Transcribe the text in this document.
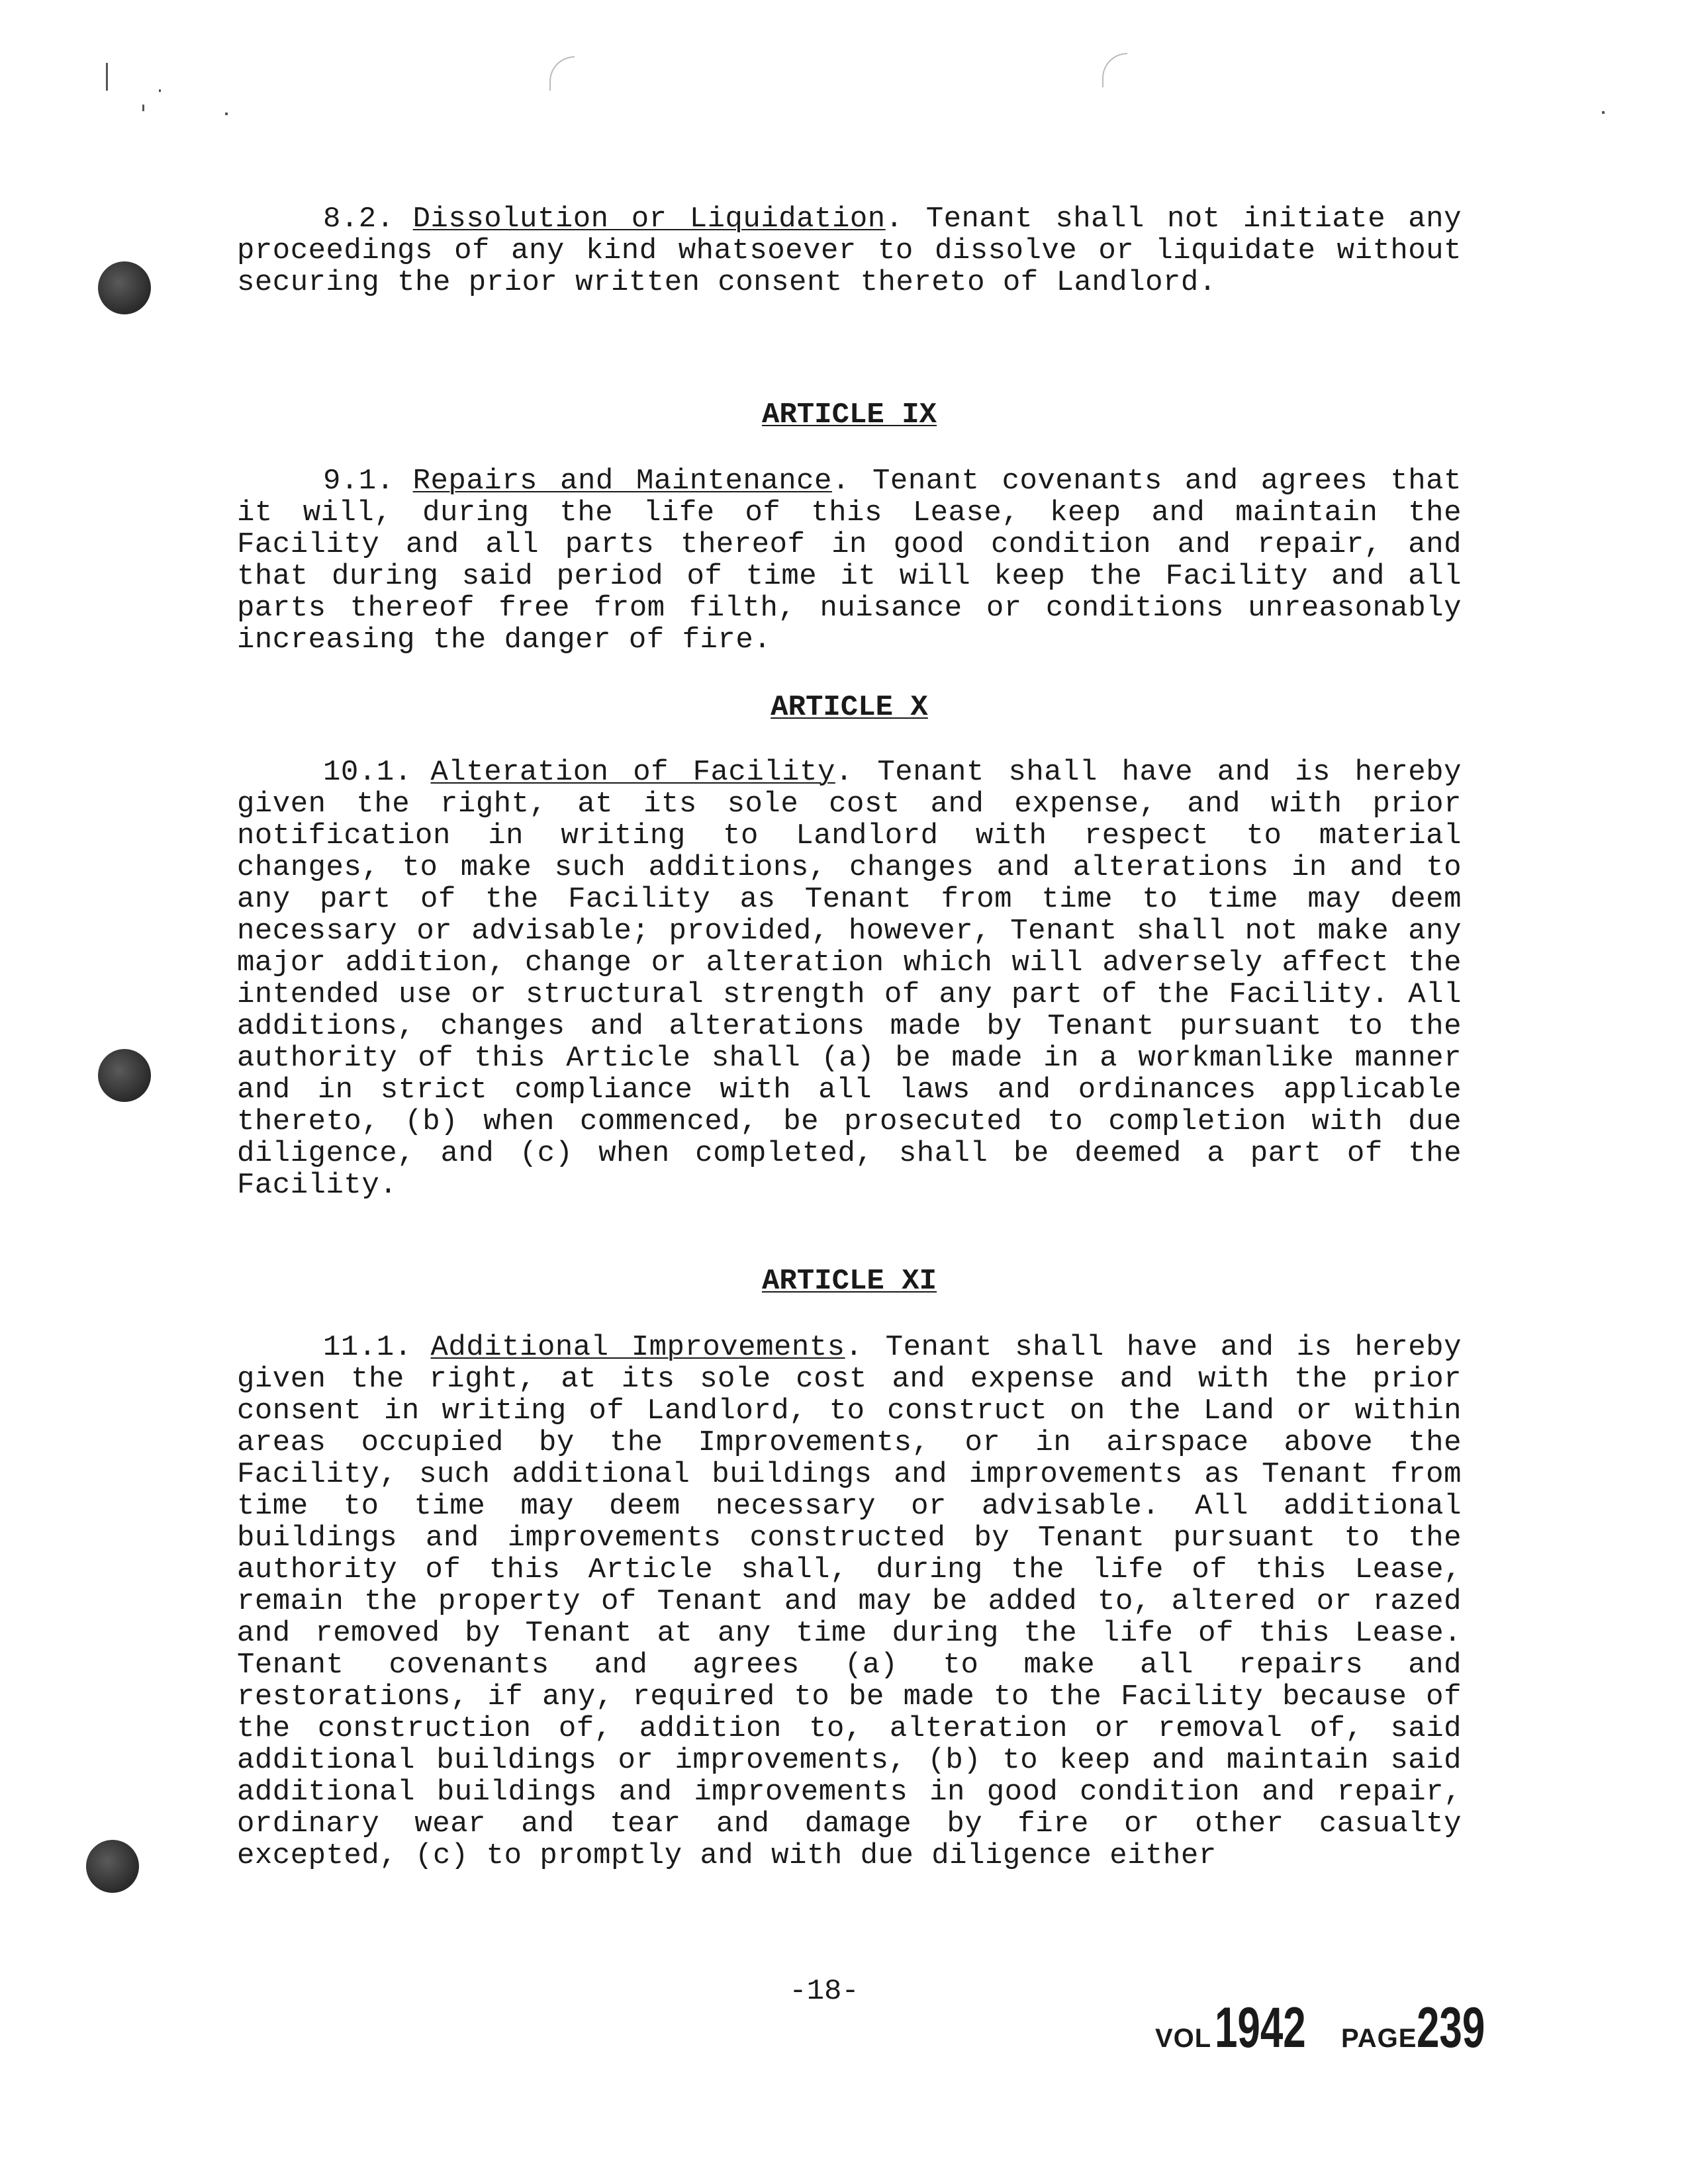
8.2. Dissolution or Liquidation. Tenant shall not initiate any proceedings of any kind whatsoever to dissolve or liquidate without securing the prior written consent thereto of Landlord.

ARTICLE IX

9.1. Repairs and Maintenance. Tenant covenants and agrees that it will, during the life of this Lease, keep and maintain the Facility and all parts thereof in good condition and repair, and that during said period of time it will keep the Facility and all parts thereof free from filth, nuisance or conditions unreasonably increasing the danger of fire.

ARTICLE X

10.1. Alteration of Facility. Tenant shall have and is hereby given the right, at its sole cost and expense, and with prior notification in writing to Landlord with respect to material changes, to make such additions, changes and alterations in and to any part of the Facility as Tenant from time to time may deem necessary or advisable; provided, however, Tenant shall not make any major addition, change or alteration which will adversely affect the intended use or structural strength of any part of the Facility. All additions, changes and alterations made by Tenant pursuant to the authority of this Article shall (a) be made in a workmanlike manner and in strict compliance with all laws and ordinances applicable thereto, (b) when commenced, be prosecuted to completion with due diligence, and (c) when completed, shall be deemed a part of the Facility.

ARTICLE XI

11.1. Additional Improvements. Tenant shall have and is hereby given the right, at its sole cost and expense and with the prior consent in writing of Landlord, to construct on the Land or within areas occupied by the Improvements, or in airspace above the Facility, such additional buildings and improvements as Tenant from time to time may deem necessary or advisable. All additional buildings and improvements constructed by Tenant pursuant to the authority of this Article shall, during the life of this Lease, remain the property of Tenant and may be added to, altered or razed and removed by Tenant at any time during the life of this Lease. Tenant covenants and agrees (a) to make all repairs and restorations, if any, required to be made to the Facility because of the construction of, addition to, alteration or removal of, said additional buildings or improvements, (b) to keep and maintain said additional buildings and improvements in good condition and repair, ordinary wear and tear and damage by fire or other casualty excepted, (c) to promptly and with due diligence either

-18-
VOL 1942 PAGE239
